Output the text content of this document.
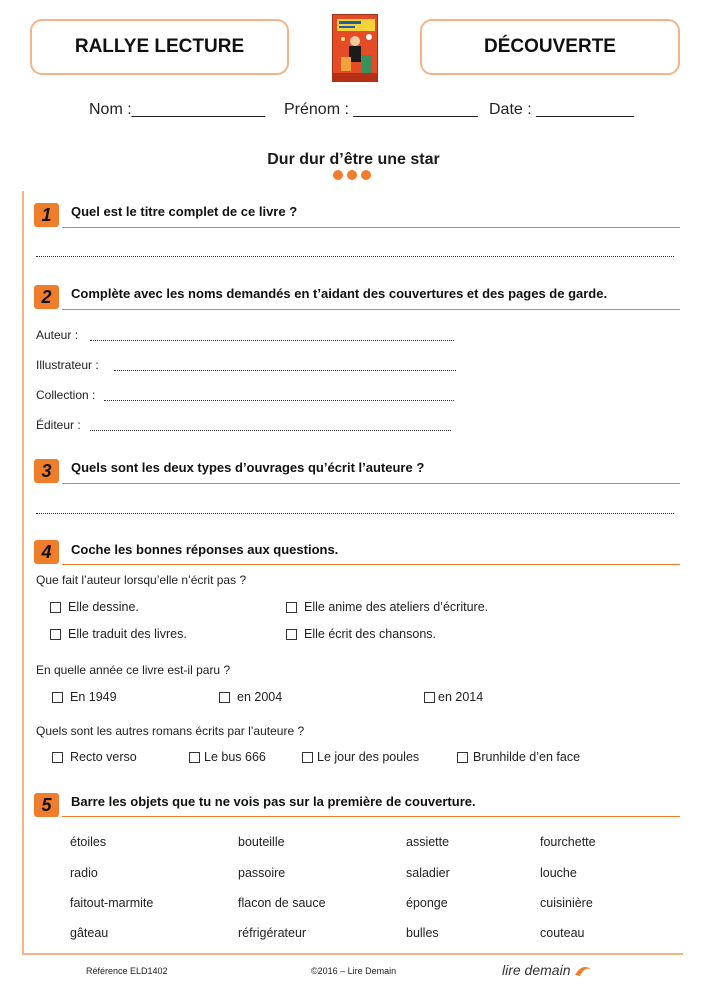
RALLYE LECTURE	DÉCOUVERTE
Nom :_______________ Prénom : ______________ Date : ___________
Dur dur d’être une star
1	Quel est le titre complet de ce livre ?
2	Complète avec les noms demandés en t’aidant des couvertures et des pages de garde.
Auteur :
Illustrateur :
Collection :
Éditeur :
3	Quels sont les deux types d’ouvrages qu’écrit l’auteure ?
4	Coche les bonnes réponses aux questions.
Que fait l’auteur lorsqu’elle n’écrit pas ?
Elle dessine.	Elle anime des ateliers d’écriture.
Elle traduit des livres.	Elle écrit des chansons.
En quelle année ce livre est-il paru ?
En 1949	en 2004	en 2014
Quels sont les autres romans écrits par l’auteure ?
Recto verso	Le bus 666	Le jour des poules	Brunhilde d’en face
5	Barre les objets que tu ne vois pas sur la première de couverture.
étoiles	bouteille	assiette	fourchette
radio	passoire	saladier	louche
faitout-marmite	flacon de sauce	éponge	cuisinière
gâteau	réfrigérateur	bulles	couteau
Référence ELD1402	©2016 – Lire Demain	lire demain
